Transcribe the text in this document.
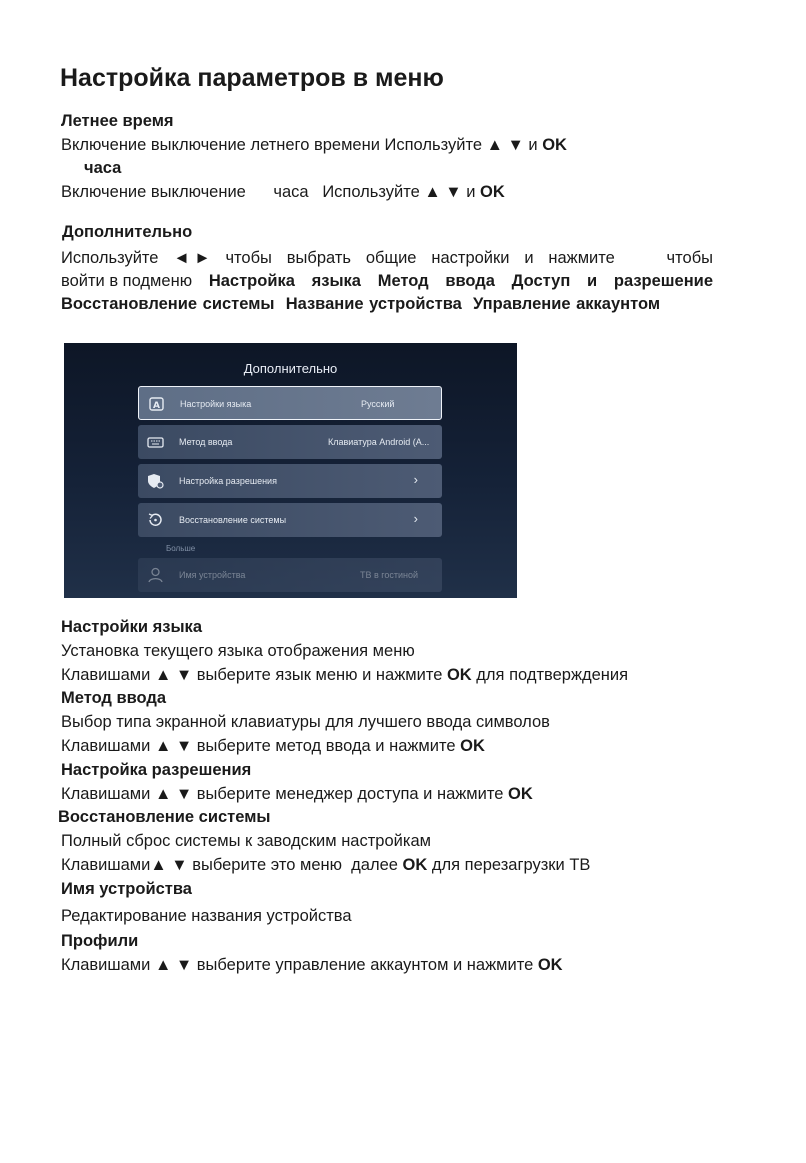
Настройка параметров в меню
Летнее время
Включение выключение летнего времени Используйте ▲ ▼ и OK
часа
Включение выключение      часа   Используйте ▲ ▼ и OK
Дополнительно
Используйте ◄ ► чтобы выбрать общие настройки и нажмите	чтобы
войти в подменю Настройка языка Метод ввода Доступ и разрешение
Восстановление системы Название устройства Управление аккаунтом
Дополнительно
A Настройки языка	Русский
Метод ввода	Клавиатура Android (A...
Настройка разрешения	›
Восстановление системы	›
Больше
Имя устройства	ТВ в гостиной
Настройки языка
Установка текущего языка отображения меню
Клавишами ▲ ▼ выберите язык меню и нажмите OK для подтверждения
Метод ввода
Выбор типа экранной клавиатуры для лучшего ввода символов
Клавишами ▲ ▼ выберите метод ввода и нажмите OK
Настройка разрешения
Клавишами ▲ ▼ выберите менеджер доступа и нажмите OK
Восстановление системы
Полный сброс системы к заводским настройкам
Клавишами▲ ▼ выберите это меню  далее OK для перезагрузки ТВ
Имя устройства
Редактирование названия устройства
Профили
Клавишами ▲ ▼ выберите управление аккаунтом и нажмите OK
